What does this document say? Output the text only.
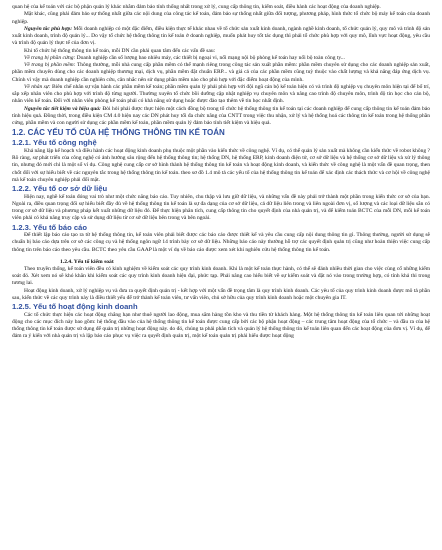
quan hệ của kế toán với các bộ phận quản lý khác nhằm đảm bảo tính thống nhất trong xử lý, cung cấp thông tin, kiểm soát, điều hành các hoạt động của doanh nghiệp.

Mặt khác, cũng phải đảm bảo sự thống nhất giữa các nội dung của công tác kế toán, đảm bảo sự thống nhất giữa đối tượng, phương pháp, hình thức tổ chức bộ máy kế toán của doanh nghiệp.

Nguyên tắc phù hợp: Mỗi doanh nghiệp có một đặc điểm, điều kiện thực tế khác nhau về tổ chức sản xuất kinh doanh, ngành nghề kinh doanh, tổ chức quản lý, quy mô và trình độ sản xuất kinh doanh, trình độ quản lý... Do vậy tổ chức hệ thống thông tin kế toán ở doanh nghiệp, muốn phát huy tốt tác dụng thì phải tổ chức phù hợp với quy mô, lĩnh vực hoạt động, yêu cầu và trình độ quản lý thực tế của đơn vị.

Khi tổ chức hệ thống thông tin kế toán, mỗi DN cần phải quan tâm đến các vấn đề sau:

Về trang bị phần cứng: Doanh nghiệp cần số lượng bao nhiêu máy, các thiết bị ngoại vi, nối mạng nội bộ phòng kế toán hay nối bộ toàn công ty...

Về trang bị phần mềm: Thông thường, mỗi nhà cung cấp phần mềm có thế mạnh riêng trong công tác sản xuất phần mềm: phần mềm chuyên sử dụng cho các doanh nghiệp sản xuất, phần mềm chuyên dùng cho các doanh nghiệp thương mại, dịch vụ, phần mềm đặt chuẩn ERP... và giá cả của các phần mềm cũng tuỳ thuộc vào chất lượng và khả năng đáp ứng dịch vụ. Chính vì vậy mà doanh nghiệp cần nghiên cứu, cân nhắc nên sử dụng phần mềm nào cho phù hợp với đặc điểm hoạt động của mình.

Về nhân sự: Biên chế nhân sự vận hành các phần mềm kế toán; phần mềm quản lý phải phù hợp với đội ngũ cán bộ kế toán hiện có và trình độ nghiệp vụ chuyên môn hiện tại để bố trí, sắp xếp nhân viên cho phù hợp với trình độ từng người. Thường xuyên tổ chức bồi dưỡng cập nhật nghiệp vụ chuyên môn và nâng cao trình độ chuyên môn, trình độ tin học cho cán bộ, nhân viên kế toán. Đối với nhân viên phòng kế toán phải có khả năng sử dụng hoặc được đào tạo thêm về tin học nhất định.

Nguyên tắc tiết kiệm và hiệu quả: Đòi hỏi phải được thực hiện một cách đồng bộ trong tổ chức hệ thống thông tin kế toán tại các doanh nghiệp để cung cấp thông tin kế toán đảm bảo tính hiệu quả. Đồng thời, trong điều kiện CM 4.0 hiện nay các DN phát huy tối đa chức năng của CNTT trong việc thu nhận, xử lý và hệ thống hoá các thông tin kế toán trong hệ thống phần cứng, phần mềm và con người sử dụng các phần mềm kế toán, phần mềm quản lý đảm bảo tính tiết kiệm và hiệu quả.

1.2. CÁC YẾU TỐ CỦA HỆ THỐNG THÔNG TIN KẾ TOÁN
1.2.1. Yếu tố công nghệ

Khả năng lập kế hoạch và điều hành các hoạt động kinh doanh phụ thuộc một phần vào kiến thức về công nghệ. Ví dụ, có thể quản lý sản xuất mà không cần kiến thức về robot không ? Rõ ràng, sự phát triển của công nghệ có ảnh hưởng sâu rộng đến hệ thống thông tin; hệ thống DN, hệ thống ERP, kinh doanh điện tử, cơ sở dữ liệu và hệ thống cơ sở dữ liệu và xử lý thông tin, nhưng đó mới chỉ là một số ví dụ. Công nghệ cung cấp cơ sở hình thành hệ thống thông tin kế toán và hoạt động kinh doanh, và kiến thức về công nghệ là một vấn đề quan trọng, then chốt đối với sự hiểu biết về các nguyên tắc trong hệ thống thông tin kế toán. theo sơ đồ 1.4 mô tả các yếu tố của hệ thống thông tin kế toán để xác định các thách thức và cơ hội về công nghệ mà kế toán chuyên nghiệp phải đối mặt.

1.2.2. Yếu tố cơ sở dữ liệu

Hiện nay, nghề kế toán đóng vai trò như một chức năng báo cáo. Tuy nhiên, chu thập và lưu giữ dữ liệu, và những vấn đề này phải trở thành một phần trong kiến thức cơ sở của bạn. Ngoài ra, điều quan trọng đối sự hiểu biết đầy đủ về hệ thống thông tin kế toán là sự đa dạng của cơ sở dữ liệu, cả dữ liệu liên trong và liên ngoài đơn vị, số lượng và các loại dữ liệu sẵn có trong cơ sở dữ liệu và phương pháp kết xuất những dữ liệu đó. Để thực hiện phân tích, cung cấp thông tin cho quyết định của nhà quản trị, và để kiểm toán BCTC của mỗi DN, mỗi kế toán viên phải có khả năng truy cập và sử dụng dữ liệu từ cơ sở dữ liệu bên trong và bên ngoài.

1.2.3. Yếu tố báo cáo

Để thiết lập báo cáo tạo ra từ hệ thống thông tin, kế toán viên phải biết được các báo cáo được thiết kế và yêu cầu cung cấp nội dung thông tin gì. Thông thường, người sử dụng sẽ chuẩn bị báo cáo dựa trên cơ sở các công cụ và hệ thống ngôn ngữ 14 trình bày cơ sở dữ liệu. Những báo cáo này thường hỗ trợ các quyết định quản trị cũng như hoàn thiện việc cung cấp thông tin trên báo cáo theo yêu cầu. BCTC theo yêu cầu GAAP là một ví dụ về báo cáo được xem xét khi nghiên cứu hệ thống thông tin kế toán.

1.2.4. Yếu tố kiểm soát

Theo truyền thống, kế toán viên đều có kinh nghiệm về kiểm soát các quy trình kinh doanh. Khi là một kế toán thực hành, có thể sẽ đánh nhiều thời gian cho việc cùng cố những kiểm soát đó. Xét xem nó sẽ khó khăn khi kiểm soát các quy trình kinh doanh hiện đại, phức tạp. Phải nâng cao hiểu biết về sự kiểm soát và đặt nó vào trong trường hợp, có tính khả thi trong tương lai.

Hoạt động kinh doanh, xử lý nghiệp vụ và đưa ra quyết định quản trị - kết hợp với một vấn đề trọng tâm là quy trình kinh doanh. Các yêu tố của quy trình kinh doanh được mô tả phần sau, kiến thức về các quy trình này là điều thiết yếu để trở thành kế toán viên, tư vấn viên, chủ sở hữu của quy trình kinh doanh hoặc một chuyên gia IT.

1.2.5. Yếu tố hoạt động kinh doanh

Các tổ chức thực hiện các hoạt động chẳng hạn như thuê người lao động, mua sắm hàng tồn kho và thu tiền từ khách hàng. Một hệ thống thông tin kế toán liên quan tới những hoạt động cho các mục đích này bao gồm: hệ thống đầu vào của hệ thống thông tin kế toán được cung cấp bởi các bộ phận hoạt động – các trung tâm hoạt động của tổ chức – và đầu ra của hệ thống thông tin kế toán được sử dụng để quản trị những hoạt động này. do đó, chúng ta phải phân tích và quản lý hệ thống thông tin kế toán liên quan đến các hoạt động của đơn vị. Ví dụ, để đảm ra ý kiến với nhà quản trị và lập báo cáo phục vụ việc ra quyết định quản trị, một kế toán quản trị phải hiểu được hoạt động
